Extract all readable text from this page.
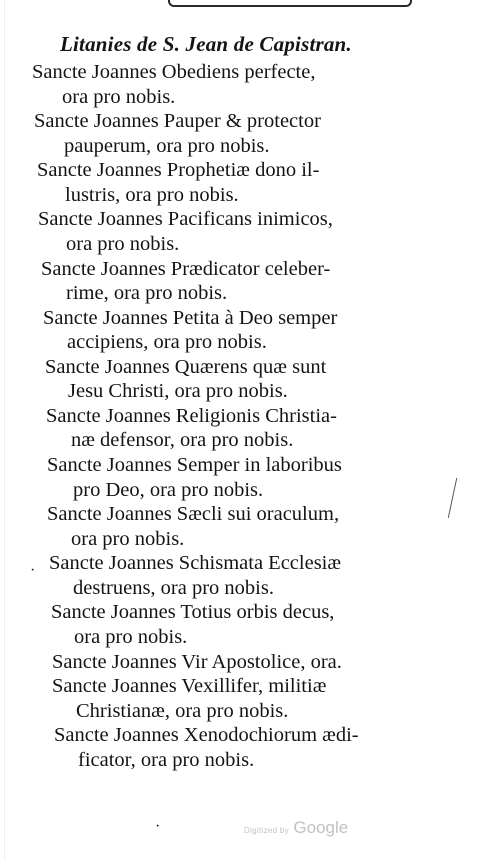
Litanies de S. Jean de Capistran.
Sancte Joannes Obediens perfecte,
ora pro nobis.
Sancte Joannes Pauper & protector
pauperum, ora pro nobis.
Sancte Joannes Prophetiæ dono il-
lustris, ora pro nobis.
Sancte Joannes Pacificans inimicos,
ora pro nobis.
Sancte Joannes Prædicator celeber-
rime, ora pro nobis.
Sancte Joannes Petita à Deo semper
accipiens, ora pro nobis.
Sancte Joannes Quærens quæ sunt
Jesu Christi, ora pro nobis.
Sancte Joannes Religionis Christia-
næ defensor, ora pro nobis.
Sancte Joannes Semper in laboribus
pro Deo, ora pro nobis.
Sancte Joannes Sæcli sui oraculum,
ora pro nobis.
Sancte Joannes Schismata Ecclesiæ
destruens, ora pro nobis.
Sancte Joannes Totius orbis decus,
ora pro nobis.
Sancte Joannes Vir Apostolice, ora.
Sancte Joannes Vexillifer, militiæ
Christianæ, ora pro nobis.
Sancte Joannes Xenodochiorum ædi-
ficator, ora pro nobis.
·
·	Digitized by Google
